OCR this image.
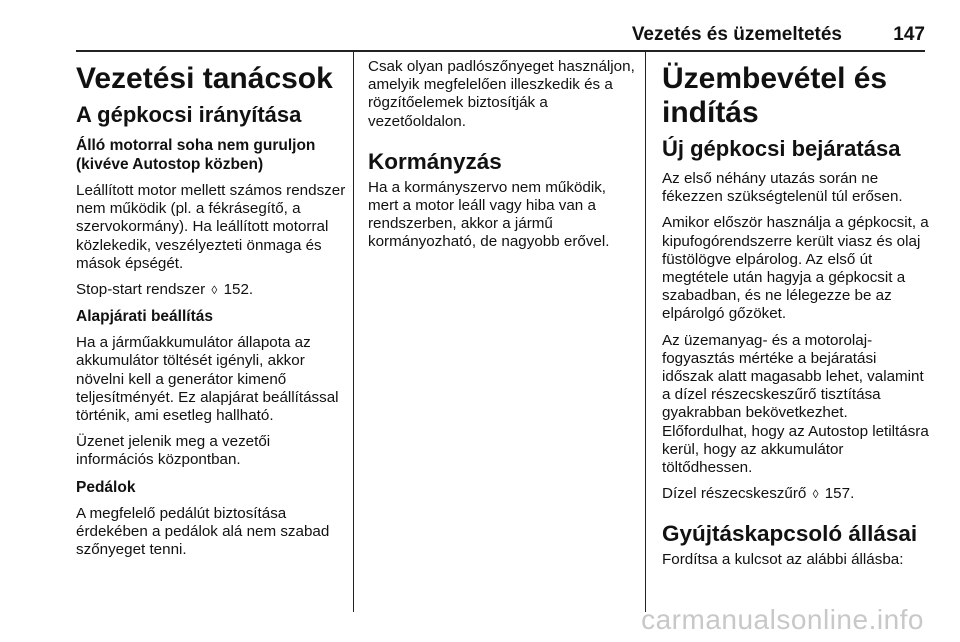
Vezetés és üzemeltetés	147
Vezetési tanácsok
A gépkocsi irányítása
Álló motorral soha nem guruljon (kivéve Autostop közben)

Leállított motor mellett számos rendszer nem működik (pl. a fékrásegítő, a szervokormány). Ha leállított motorral közlekedik, veszélyezteti önmaga és mások épségét.

Stop-start rendszer ◊ 152.

Alapjárati beállítás

Ha a járműakkumulátor állapota az akkumulátor töltését igényli, akkor növelni kell a generátor kimenő teljesítményét. Ez alapjárat beállítással történik, ami esetleg hallható.

Üzenet jelenik meg a vezetői információs központban.

Pedálok

A megfelelő pedálút biztosítása érdekében a pedálok alá nem szabad szőnyeget tenni.

Csak olyan padlószőnyeget használjon, amelyik megfelelően illeszkedik és a rögzítőelemek biztosítják a vezetőoldalon.

Kormányzás

Ha a kormányszervo nem működik, mert a motor leáll vagy hiba van a rendszerben, akkor a jármű kormányozható, de nagyobb erővel.

Üzembevétel és indítás
Új gépkocsi bejáratása

Az első néhány utazás során ne fékezzen szükségtelenül túl erősen.

Amikor először használja a gépkocsit, a kipufogórendszerre került viasz és olaj füstölögve elpárolog. Az első út megtétele után hagyja a gépkocsit a szabadban, és ne lélegezze be az elpárolgó gőzöket.

Az üzemanyag- és a motorolaj-fogyasztás mértéke a bejáratási időszak alatt magasabb lehet, valamint a dízel részecskeszűrő tisztítása gyakrabban bekövetkezhet. Előfordulhat, hogy az Autostop letiltásra kerül, hogy az akkumulátor töltődhessen.

Dízel részecskeszűrő ◊ 157.

Gyújtáskapcsoló állásai

Fordítsa a kulcsot az alábbi állásba:

carmanualsonline.info
